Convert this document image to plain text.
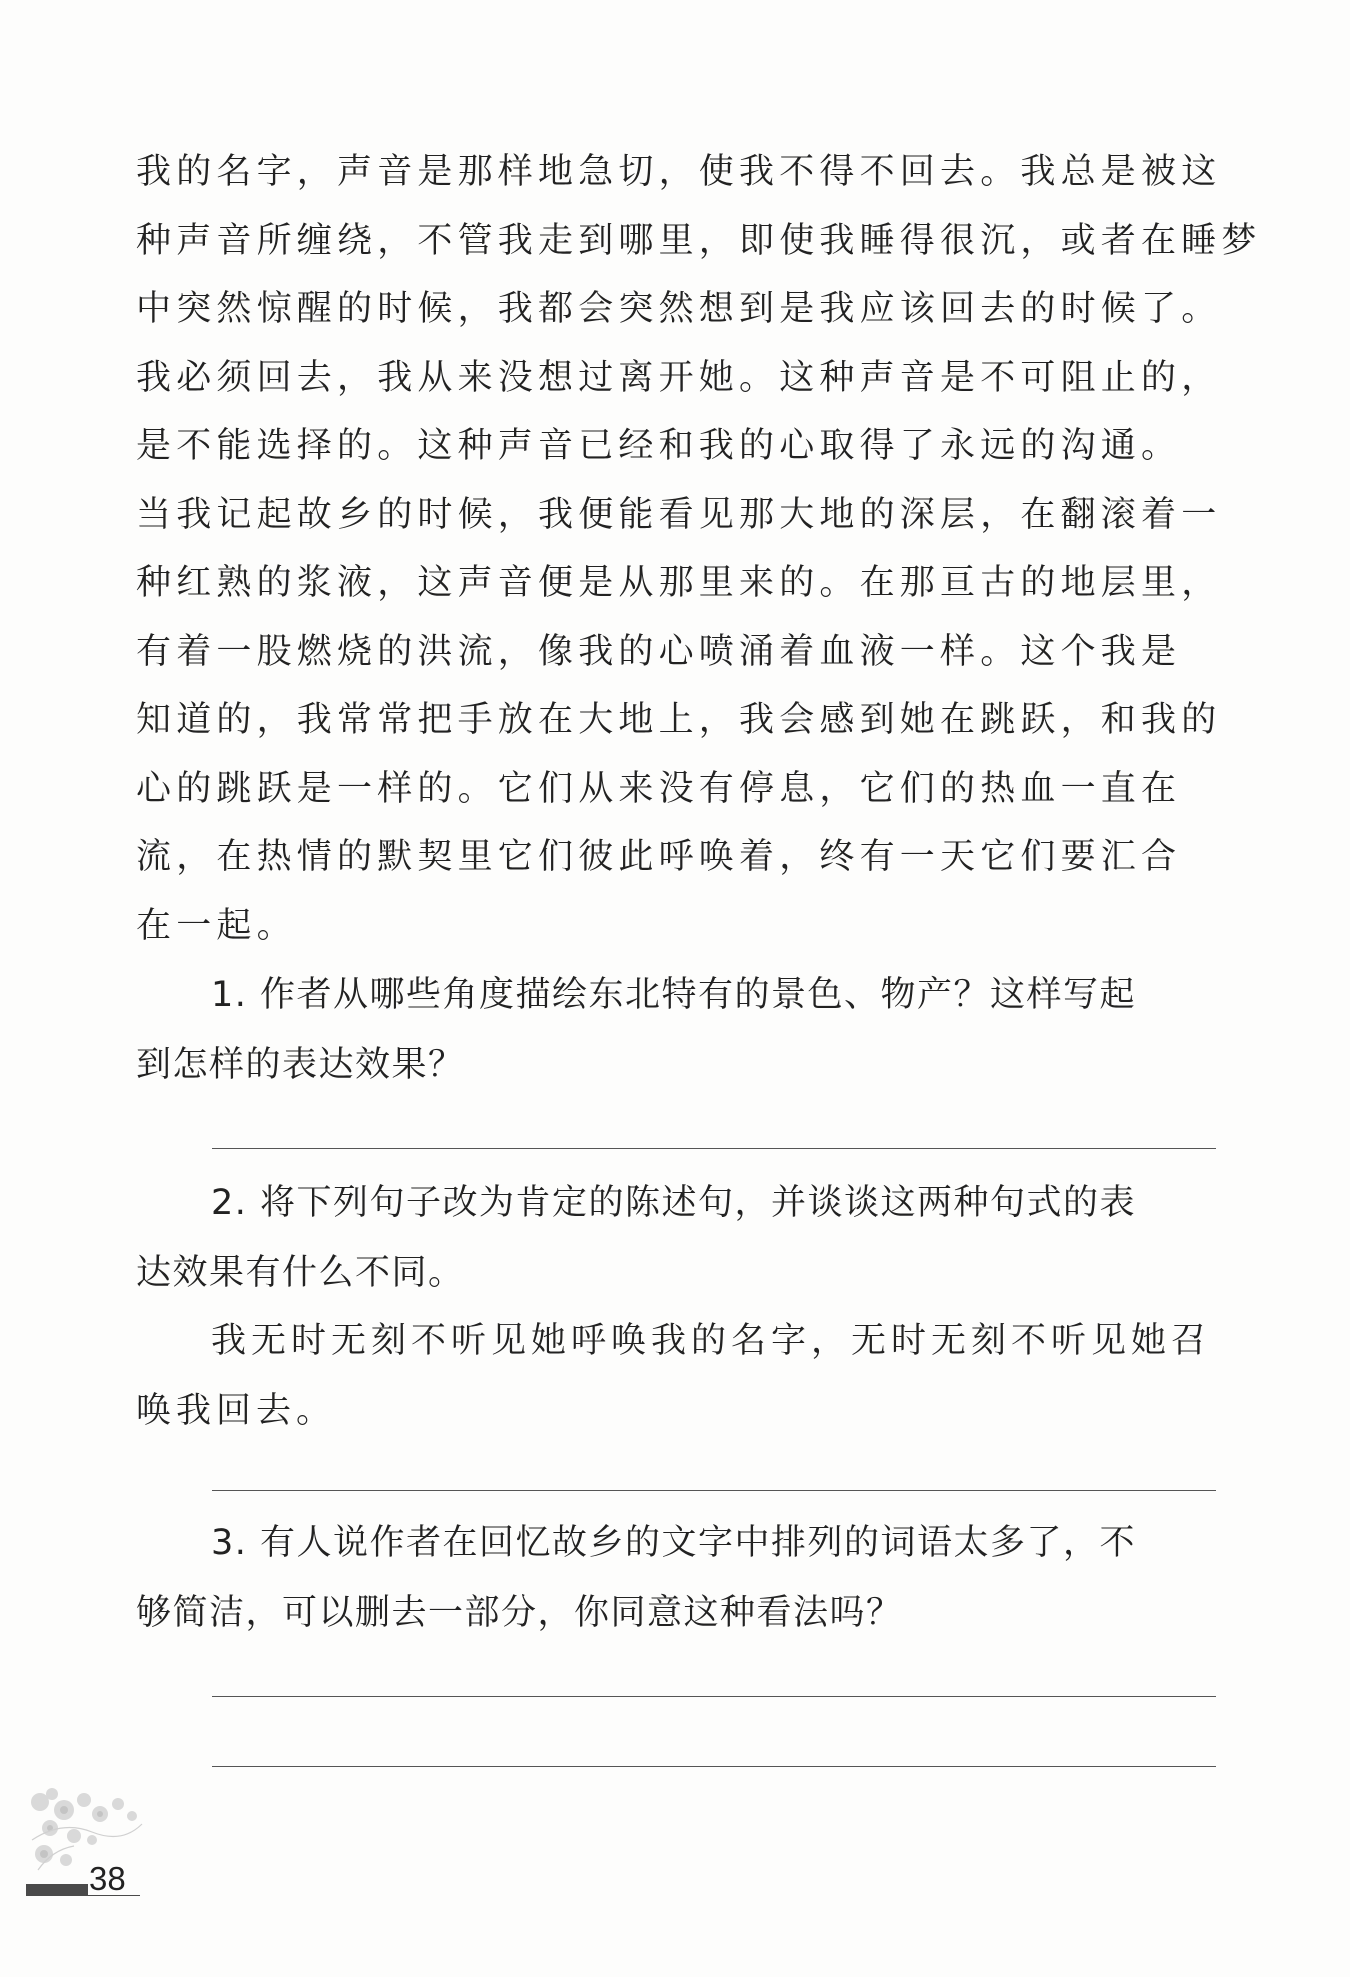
我的名字，声音是那样地急切，使我不得不回去。我总是被这
种声音所缠绕，不管我走到哪里，即使我睡得很沉，或者在睡梦
中突然惊醒的时候，我都会突然想到是我应该回去的时候了。
我必须回去，我从来没想过离开她。这种声音是不可阻止的，
是不能选择的。这种声音已经和我的心取得了永远的沟通。
当我记起故乡的时候，我便能看见那大地的深层，在翻滚着一
种红熟的浆液，这声音便是从那里来的。在那亘古的地层里，
有着一股燃烧的洪流，像我的心喷涌着血液一样。这个我是
知道的，我常常把手放在大地上，我会感到她在跳跃，和我的
心的跳跃是一样的。它们从来没有停息，它们的热血一直在
流，在热情的默契里它们彼此呼唤着，终有一天它们要汇合
在一起。
1. 作者从哪些角度描绘东北特有的景色、物产？这样写起
到怎样的表达效果？
2. 将下列句子改为肯定的陈述句，并谈谈这两种句式的表
达效果有什么不同。
我无时无刻不听见她呼唤我的名字，无时无刻不听见她召
唤我回去。
3. 有人说作者在回忆故乡的文字中排列的词语太多了，不
够简洁，可以删去一部分，你同意这种看法吗？
38
